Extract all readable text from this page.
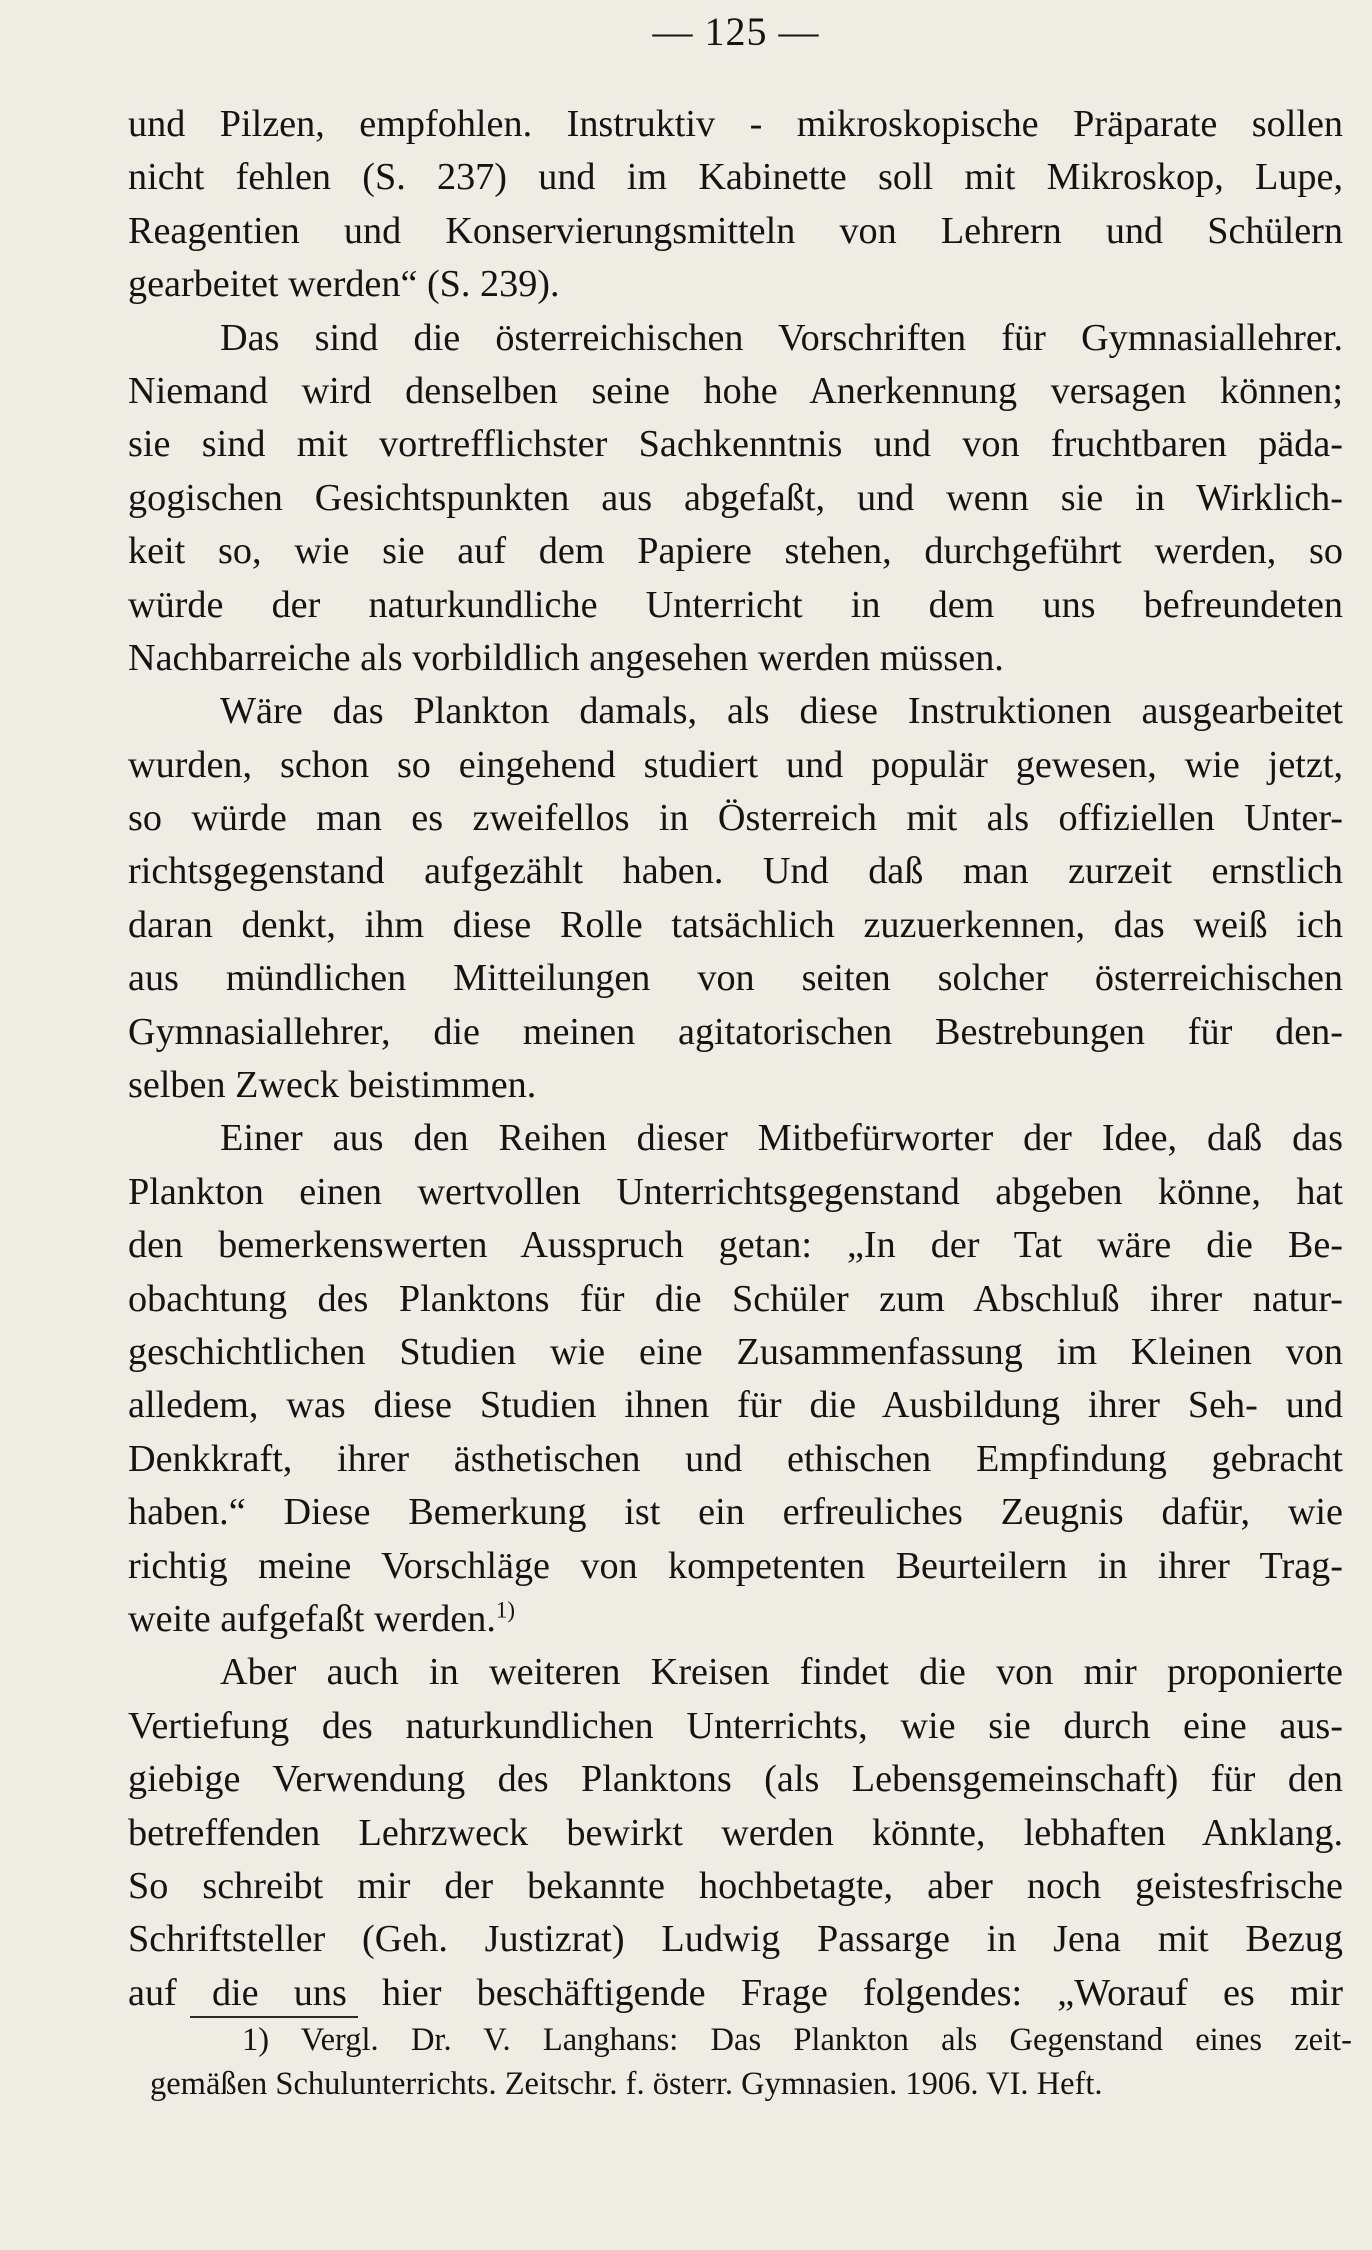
— 125 —
und Pilzen, empfohlen. Instruktiv - mikroskopische Präparate sollen
nicht fehlen (S. 237) und im Kabinette soll mit Mikroskop, Lupe,
Reagentien und Konservierungsmitteln von Lehrern und Schülern
gearbeitet werden“ (S. 239).
Das sind die österreichischen Vorschriften für Gymnasiallehrer.
Niemand wird denselben seine hohe Anerkennung versagen können;
sie sind mit vortrefflichster Sachkenntnis und von fruchtbaren päda-
gogischen Gesichtspunkten aus abgefaßt, und wenn sie in Wirklich-
keit so, wie sie auf dem Papiere stehen, durchgeführt werden, so
würde der naturkundliche Unterricht in dem uns befreundeten
Nachbarreiche als vorbildlich angesehen werden müssen.
Wäre das Plankton damals, als diese Instruktionen ausgearbeitet
wurden, schon so eingehend studiert und populär gewesen, wie jetzt,
so würde man es zweifellos in Österreich mit als offiziellen Unter-
richtsgegenstand aufgezählt haben. Und daß man zurzeit ernstlich
daran denkt, ihm diese Rolle tatsächlich zuzuerkennen, das weiß ich
aus mündlichen Mitteilungen von seiten solcher österreichischen
Gymnasiallehrer, die meinen agitatorischen Bestrebungen für den-
selben Zweck beistimmen.
Einer aus den Reihen dieser Mitbefürworter der Idee, daß das
Plankton einen wertvollen Unterrichtsgegenstand abgeben könne, hat
den bemerkenswerten Ausspruch getan: „In der Tat wäre die Be-
obachtung des Planktons für die Schüler zum Abschluß ihrer natur-
geschichtlichen Studien wie eine Zusammenfassung im Kleinen von
alledem, was diese Studien ihnen für die Ausbildung ihrer Seh- und
Denkkraft, ihrer ästhetischen und ethischen Empfindung gebracht
haben.“ Diese Bemerkung ist ein erfreuliches Zeugnis dafür, wie
richtig meine Vorschläge von kompetenten Beurteilern in ihrer Trag-
weite aufgefaßt werden.$^{1)}$
Aber auch in weiteren Kreisen findet die von mir proponierte
Vertiefung des naturkundlichen Unterrichts, wie sie durch eine aus-
giebige Verwendung des Planktons (als Lebensgemeinschaft) für den
betreffenden Lehrzweck bewirkt werden könnte, lebhaften Anklang.
So schreibt mir der bekannte hochbetagte, aber noch geistesfrische
Schriftsteller (Geh. Justizrat) Ludwig Passarge in Jena mit Bezug
auf die uns hier beschäftigende Frage folgendes: „Worauf es mir
1) Vergl. Dr. V. Langhans: Das Plankton als Gegenstand eines zeit-
gemäßen Schulunterrichts. Zeitschr. f. österr. Gymnasien. 1906. VI. Heft.
